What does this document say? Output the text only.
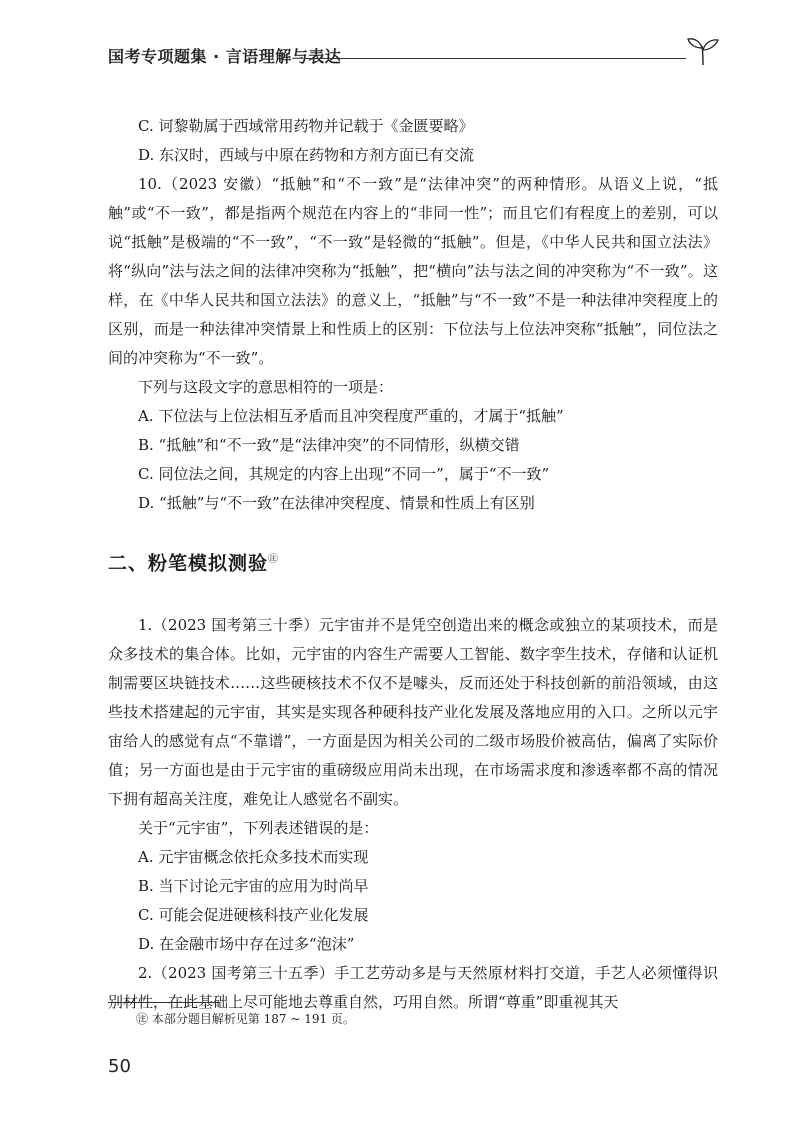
国考专项题集 · 言语理解与表达

C. 诃黎勒属于西域常用药物并记载于《金匮要略》

D. 东汉时，西域与中原在药物和方剂方面已有交流

10.（2023 安徽）“抵触”和“不一致”是“法律冲突”的两种情形。从语义上说，“抵触”或“不一致”，都是指两个规范在内容上的“非同一性”；而且它们有程度上的差别，可以说“抵触”是极端的“不一致”，“不一致”是轻微的“抵触”。但是，《中华人民共和国立法法》将“纵向”法与法之间的法律冲突称为“抵触”，把“横向”法与法之间的冲突称为“不一致”。这样，在《中华人民共和国立法法》的意义上，“抵触”与“不一致”不是一种法律冲突程度上的区别，而是一种法律冲突情景上和性质上的区别：下位法与上位法冲突称“抵触”，同位法之间的冲突称为“不一致”。

下列与这段文字的意思相符的一项是：

A. 下位法与上位法相互矛盾而且冲突程度严重的，才属于“抵触”

B. “抵触”和“不一致”是“法律冲突”的不同情形，纵横交错

C. 同位法之间，其规定的内容上出现“不同一”，属于“不一致”

D. “抵触”与“不一致”在法律冲突程度、情景和性质上有区别

二、粉笔模拟测验㊟

1.（2023 国考第三十季）元宇宙并不是凭空创造出来的概念或独立的某项技术，而是众多技术的集合体。比如，元宇宙的内容生产需要人工智能、数字孪生技术，存储和认证机制需要区块链技术……这些硬核技术不仅不是噱头，反而还处于科技创新的前沿领域，由这些技术搭建起的元宇宙，其实是实现各种硬科技产业化发展及落地应用的入口。之所以元宇宙给人的感觉有点“不靠谱”，一方面是因为相关公司的二级市场股价被高估，偏离了实际价值；另一方面也是由于元宇宙的重磅级应用尚未出现，在市场需求度和渗透率都不高的情况下拥有超高关注度，难免让人感觉名不副实。

关于“元宇宙”，下列表述错误的是：

A. 元宇宙概念依托众多技术而实现

B. 当下讨论元宇宙的应用为时尚早

C. 可能会促进硬核科技产业化发展

D. 在金融市场中存在过多“泡沫”

2.（2023 国考第三十五季）手工艺劳动多是与天然原材料打交道，手艺人必须懂得识别材性，在此基础上尽可能地去尊重自然，巧用自然。所谓“尊重”即重视其天

㊟ 本部分题目解析见第 187 ~ 191 页。
50
